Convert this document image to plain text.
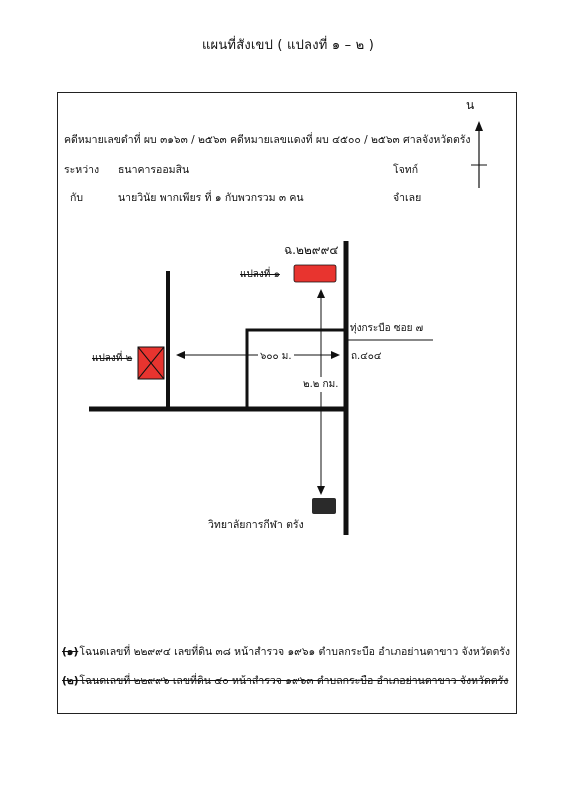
แผนที่สังเขป ( แปลงที่ ๑ – ๒ )
คดีหมายเลขดำที่ ผบ ๓๑๖๓ / ๒๕๖๓ คดีหมายเลขแดงที่ ผบ ๔๕๐๐ / ๒๕๖๓ ศาลจังหวัดตรัง
ระหว่าง ธนาคารออมสิน	โจทก์
กับ	นายวินัย พากเพียร ที่ ๑ กับพวกรวม ๓ คน	จำเลย
ฉ.๒๒๙๙๔
แปลงที่ ๑
แปลงที่ ๒
ทุ่งกระบือ ซอย ๗
๖๐๐ ม.	ถ.๔๐๔
๒.๒ กม.
วิทยาลัยการกีฬา ตรัง
(๑) โฉนดเลขที่ ๒๒๙๙๔ เลขที่ดิน ๓๘ หน้าสำรวจ ๑๙๖๑ ตำบลกระบือ อำเภอย่านตาขาว จังหวัดตรัง
(๒) โฉนดเลขที่ ๒๒๙๙๖ เลขที่ดิน ๔๐ หน้าสำรวจ ๑๙๖๓ ตำบลกระบือ อำเภอย่านตาขาว จังหวัดตรัง
น
